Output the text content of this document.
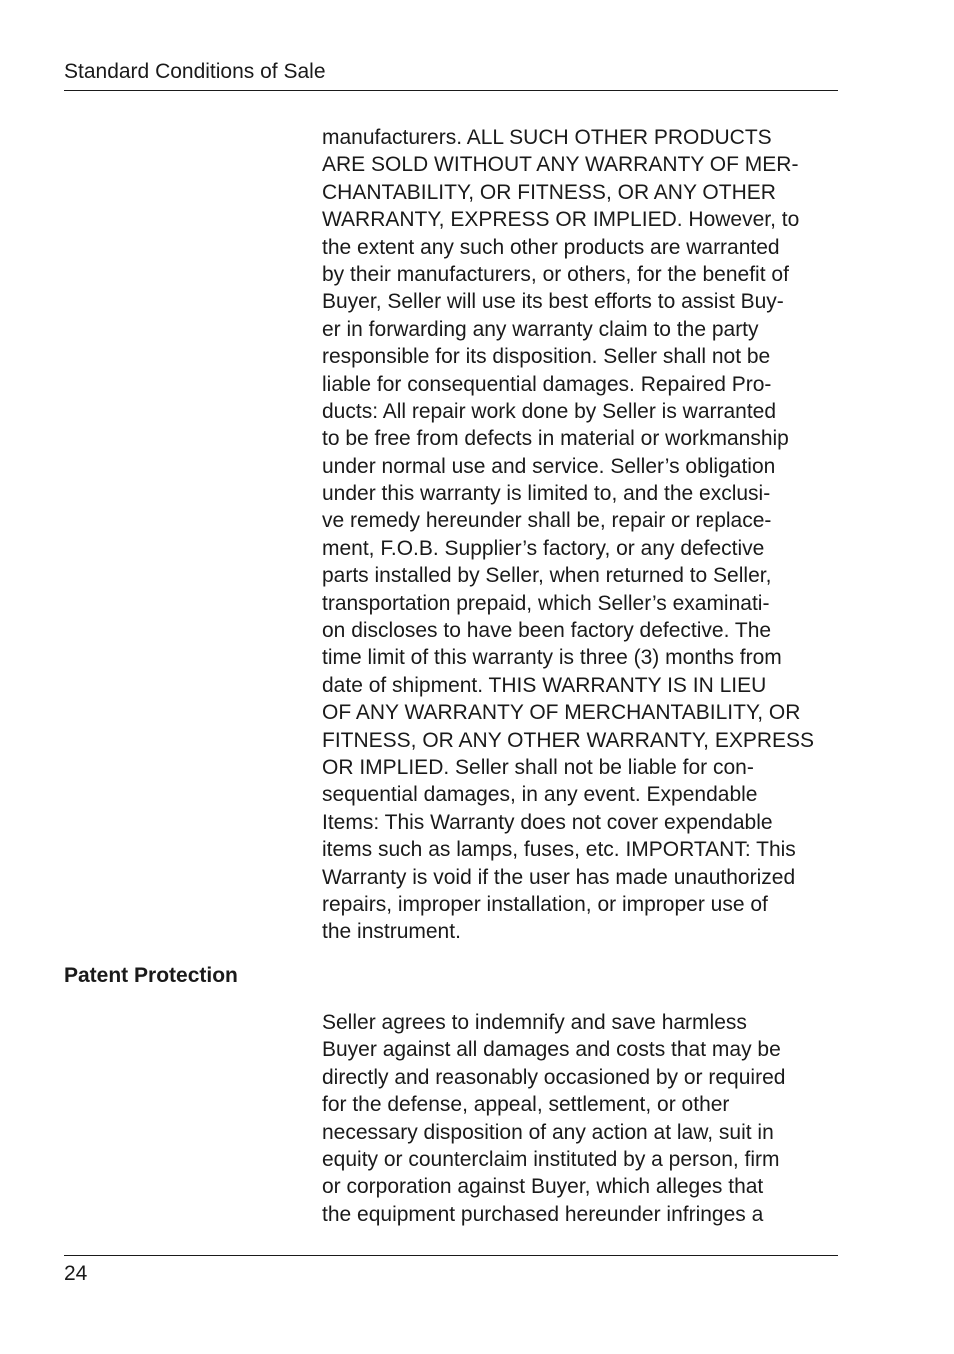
Standard Conditions of Sale
manufacturers. ALL SUCH OTHER PRODUCTS
ARE SOLD WITHOUT ANY WARRANTY OF MER-
CHANTABILITY, OR FITNESS, OR ANY OTHER
WARRANTY, EXPRESS OR IMPLIED. However, to
the extent any such other products are warranted
by their manufacturers, or others, for the benefit of
Buyer, Seller will use its best efforts to assist Buy-
er in forwarding any warranty claim to the party
responsible for its disposition. Seller shall not be
liable for consequential damages. Repaired Pro-
ducts: All repair work done by Seller is warranted
to be free from defects in material or workmanship
under normal use and service. Seller’s obligation
under this warranty is limited to, and the exclusi-
ve remedy hereunder shall be, repair or replace-
ment, F.O.B. Supplier’s factory, or any defective
parts installed by Seller, when returned to Seller,
transportation prepaid, which Seller’s examinati-
on discloses to have been factory defective. The
time limit of this warranty is three (3) months from
date of shipment. THIS WARRANTY IS IN LIEU
OF ANY WARRANTY OF MERCHANTABILITY, OR
FITNESS, OR ANY OTHER WARRANTY, EXPRESS
OR IMPLIED. Seller shall not be liable for con-
sequential damages, in any event. Expendable
Items: This Warranty does not cover expendable
items such as lamps, fuses, etc. IMPORTANT: This
Warranty is void if the user has made unauthorized
repairs, improper installation, or improper use of
the instrument.
Patent Protection
Seller agrees to indemnify and save harmless
Buyer against all damages and costs that may be
directly and reasonably occasioned by or required
for the defense, appeal, settlement, or other
necessary disposition of any action at law, suit in
equity or counterclaim instituted by a person, firm
or corporation against Buyer, which alleges that
the equipment purchased hereunder infringes a
24
